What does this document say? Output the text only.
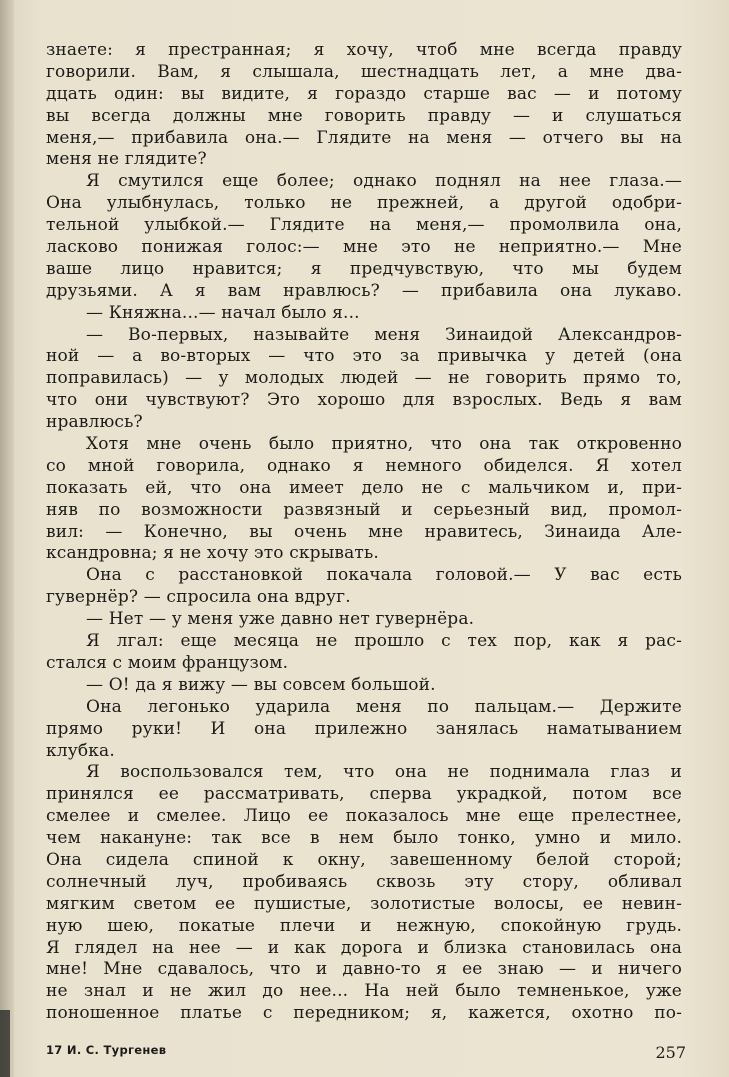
знаете: я престранная; я хочу, чтоб мне всегда правду
говорили. Вам, я слышала, шестнадцать лет, а мне два-
дцать один: вы видите, я гораздо старше вас — и потому
вы всегда должны мне говорить правду — и слушаться
меня,— прибавила она.— Глядите на меня — отчего вы на
меня не глядите?
Я смутился еще более; однако поднял на нее глаза.—
Она улыбнулась, только не прежней, а другой одобри-
тельной улыбкой.— Глядите на меня,— промолвила она,
ласково понижая голос:— мне это не неприятно.— Мне
ваше лицо нравится; я предчувствую, что мы будем
друзьями. А я вам нравлюсь? — прибавила она лукаво.
— Княжна...— начал было я...
— Во-первых, называйте меня Зинаидой Александров-
ной — а во-вторых — что это за привычка у детей (она
поправилась) — у молодых людей — не говорить прямо то,
что они чувствуют? Это хорошо для взрослых. Ведь я вам
нравлюсь?
Хотя мне очень было приятно, что она так откровенно
со мной говорила, однако я немного обиделся. Я хотел
показать ей, что она имеет дело не с мальчиком и, при-
няв по возможности развязный и серьезный вид, промол-
вил: — Конечно, вы очень мне нравитесь, Зинаида Але-
ксандровна; я не хочу это скрывать.
Она с расстановкой покачала головой.— У вас есть
гувернёр? — спросила она вдруг.
— Нет — у меня уже давно нет гувернёра.
Я лгал: еще месяца не прошло с тех пор, как я рас-
стался с моим французом.
— О! да я вижу — вы совсем большой.
Она легонько ударила меня по пальцам.— Держите
прямо руки! И она прилежно занялась наматыванием
клубка.
Я воспользовался тем, что она не поднимала глаз и
принялся ее рассматривать, сперва украдкой, потом все
смелее и смелее. Лицо ее показалось мне еще прелестнее,
чем накануне: так все в нем было тонко, умно и мило.
Она сидела спиной к окну, завешенному белой сторой;
солнечный луч, пробиваясь сквозь эту стору, обливал
мягким светом ее пушистые, золотистые волосы, ее невин-
ную шею, покатые плечи и нежную, спокойную грудь.
Я глядел на нее — и как дорога и близка становилась она
мне! Мне сдавалось, что и давно-то я ее знаю — и ничего
не знал и не жил до нее... На ней было темненькое, уже
поношенное платье с передником; я, кажется, охотно по-
17 И. С. Тургенев	257
